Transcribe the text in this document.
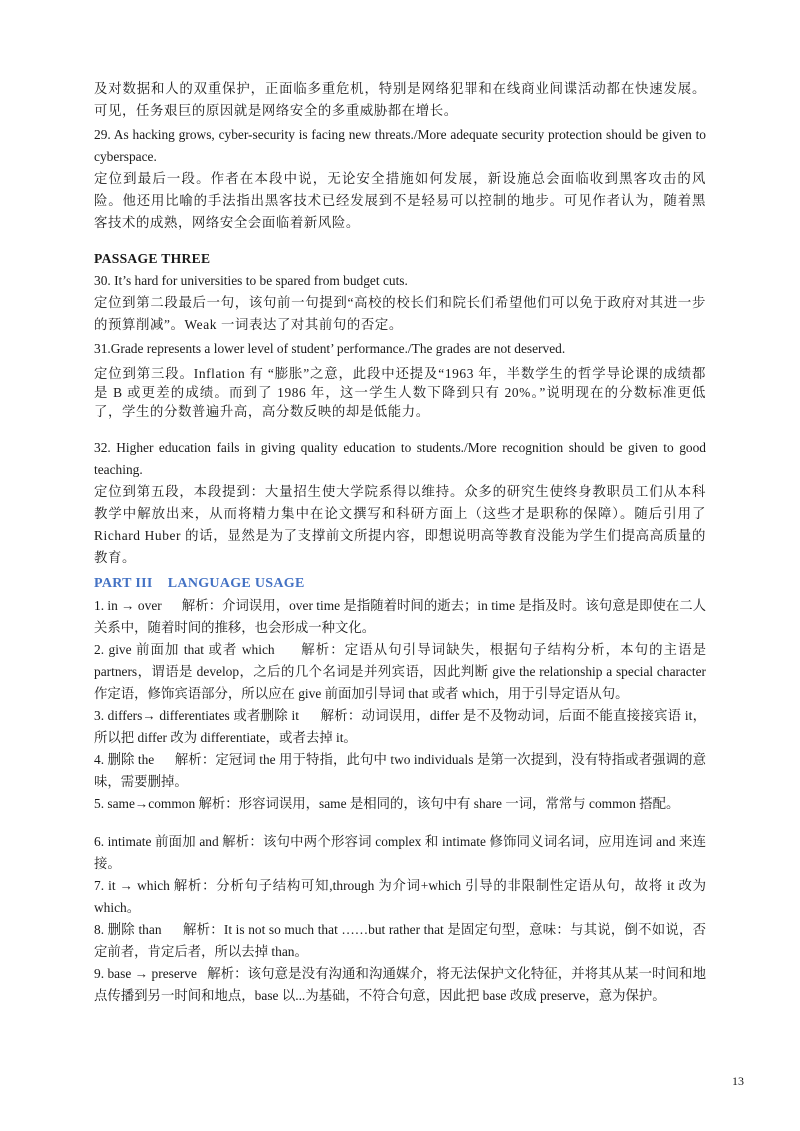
及对数据和人的双重保护，正面临多重危机，特别是网络犯罪和在线商业间谍活动都在快速发展。可见，任务艰巨的原因就是网络安全的多重威胁都在增长。

29. As hacking grows, cyber-security is facing new threats./More adequate security protection should be given to cyberspace.

定位到最后一段。作者在本段中说，无论安全措施如何发展，新设施总会面临收到黑客攻击的风险。他还用比喻的手法指出黑客技术已经发展到不是轻易可以控制的地步。可见作者认为，随着黑客技术的成熟，网络安全会面临着新风险。

PASSAGE THREE

30. It’s hard for universities to be spared from budget cuts.

定位到第二段最后一句，该句前一句提到“高校的校长们和院长们希望他们可以免于政府对其进一步的预算削减”。Weak 一词表达了对其前句的否定。

31.Grade represents a lower level of student’ performance./The grades are not deserved.

定位到第三段。Inflation 有 “膨胀”之意，此段中还提及“1963 年，半数学生的哲学导论课的成绩都 是 B 或更差的成绩。而到了 1986 年，这一学生人数下降到只有 20%。”说明现在的分数标准更低了，学生的分数普遍升高，高分数反映的却是低能力。

32. Higher education fails in giving quality education to students./More recognition should be given to good teaching.

定位到第五段，本段提到：大量招生使大学院系得以维持。众多的研究生使终身教职员工们从本科教学中解放出来，从而将精力集中在论文撰写和科研方面上（这些才是职称的保障）。随后引用了 Richard Huber 的话，显然是为了支撑前文所提内容，即想说明高等教育没能为学生们提高高质量的教育。

PART III    LANGUAGE USAGE

1. in → over      解析：介词误用，over time 是指随着时间的逝去；in time 是指及时。该句意是即使在二人关系中，随着时间的推移，也会形成一种文化。

2. give 前面加 that 或者 which      解析：定语从句引导词缺失，根据句子结构分析，本句的主语是 partners，谓语是 develop，之后的几个名词是并列宾语，因此判断 give the relationship a special character 作定语，修饰宾语部分，所以应在 give 前面加引导词 that 或者 which，用于引导定语从句。

3. differs→ differentiates 或者删除 it      解析：动词误用，differ 是不及物动词，后面不能直接接宾语 it，所以把 differ 改为 differentiate，或者去掉 it。

4. 删除 the      解析：定冠词 the 用于特指，此句中 two individuals 是第一次提到，没有特指或者强调的意味，需要删掉。

5. same→common 解析：形容词误用，same 是相同的，该句中有 share 一词，常常与 common 搭配。

6. intimate 前面加 and 解析：该句中两个形容词 complex 和 intimate 修饰同义词名词，应用连词 and 来连接。

7. it → which 解析：分析句子结构可知,through 为介词+which 引导的非限制性定语从句，故将 it 改为 which。

8. 删除 than      解析：It is not so much that ……but rather that 是固定句型，意味：与其说，倒不如说，否定前者，肯定后者，所以去掉 than。

9. base → preserve   解析：该句意是没有沟通和沟通媒介，将无法保护文化特征，并将其从某一时间和地点传播到另一时间和地点，base 以...为基础，不符合句意，因此把 base 改成 preserve，意为保护。

13
